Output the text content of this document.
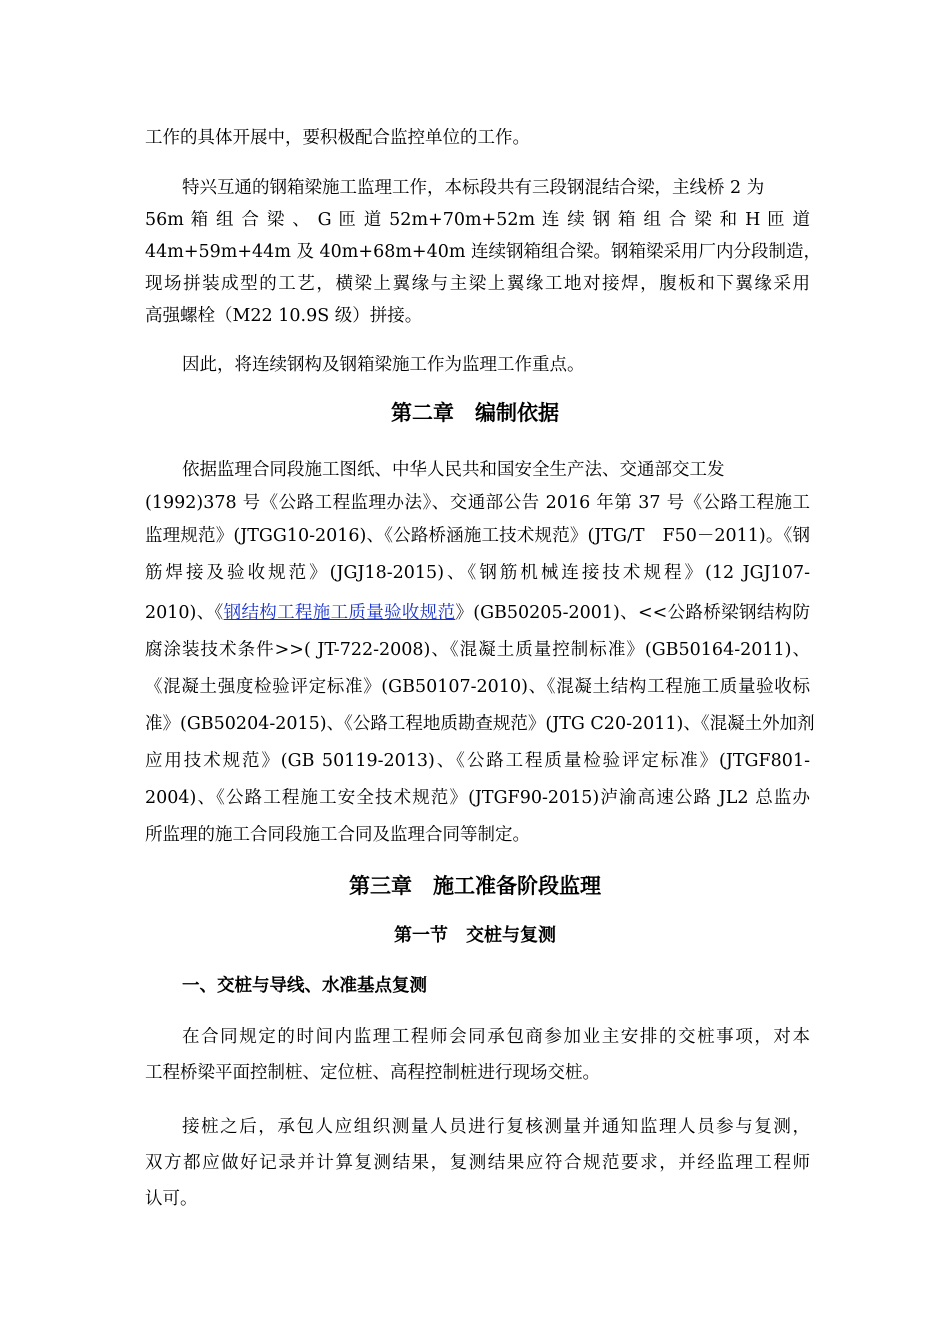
工作的具体开展中，要积极配合监控单位的工作。
特兴互通的钢箱梁施工监理工作，本标段共有三段钢混结合梁，主线桥 2 为
56m 箱 组 合 梁 、 G 匝 道 52m+70m+52m 连 续 钢 箱 组 合 梁 和 H 匝 道
44m+59m+44m 及 40m+68m+40m 连续钢箱组合梁。钢箱梁采用厂内分段制造，
现场拼装成型的工艺，横梁上翼缘与主梁上翼缘工地对接焊，腹板和下翼缘采用
高强螺栓（M22 10.9S 级）拼接。
因此，将连续钢构及钢箱梁施工作为监理工作重点。
第二章　编制依据
依据监理合同段施工图纸、中华人民共和国安全生产法、交通部交工发
(1992)378 号《公路工程监理办法》、交通部公告 2016 年第 37 号《公路工程施工
监理规范》(JTGG10-2016)、《公路桥涵施工技术规范》(JTG/T　F50－2011)。《钢
筋焊接及验收规范》(JGJ18-2015)、《钢筋机械连接技术规程》(12 JGJ107-
2010)、《钢结构工程施工质量验收规范》(GB50205-2001)、<<公路桥梁钢结构防
腐涂装技术条件>>( JT-722-2008)、《混凝土质量控制标准》(GB50164-2011)、
《混凝土强度检验评定标准》(GB50107-2010)、《混凝土结构工程施工质量验收标
准》(GB50204-2015)、《公路工程地质勘查规范》(JTG C20-2011)、《混凝土外加剂
应用技术规范》(GB 50119-2013)、《公路工程质量检验评定标准》(JTGF801-
2004)、《公路工程施工安全技术规范》(JTGF90-2015)泸渝高速公路 JL2 总监办
所监理的施工合同段施工合同及监理合同等制定。
第三章　施工准备阶段监理
第一节　交桩与复测
一、交桩与导线、水准基点复测
在合同规定的时间内监理工程师会同承包商参加业主安排的交桩事项，对本
工程桥梁平面控制桩、定位桩、高程控制桩进行现场交桩。
接桩之后，承包人应组织测量人员进行复核测量并通知监理人员参与复测，
双方都应做好记录并计算复测结果，复测结果应符合规范要求，并经监理工程师
认可。
